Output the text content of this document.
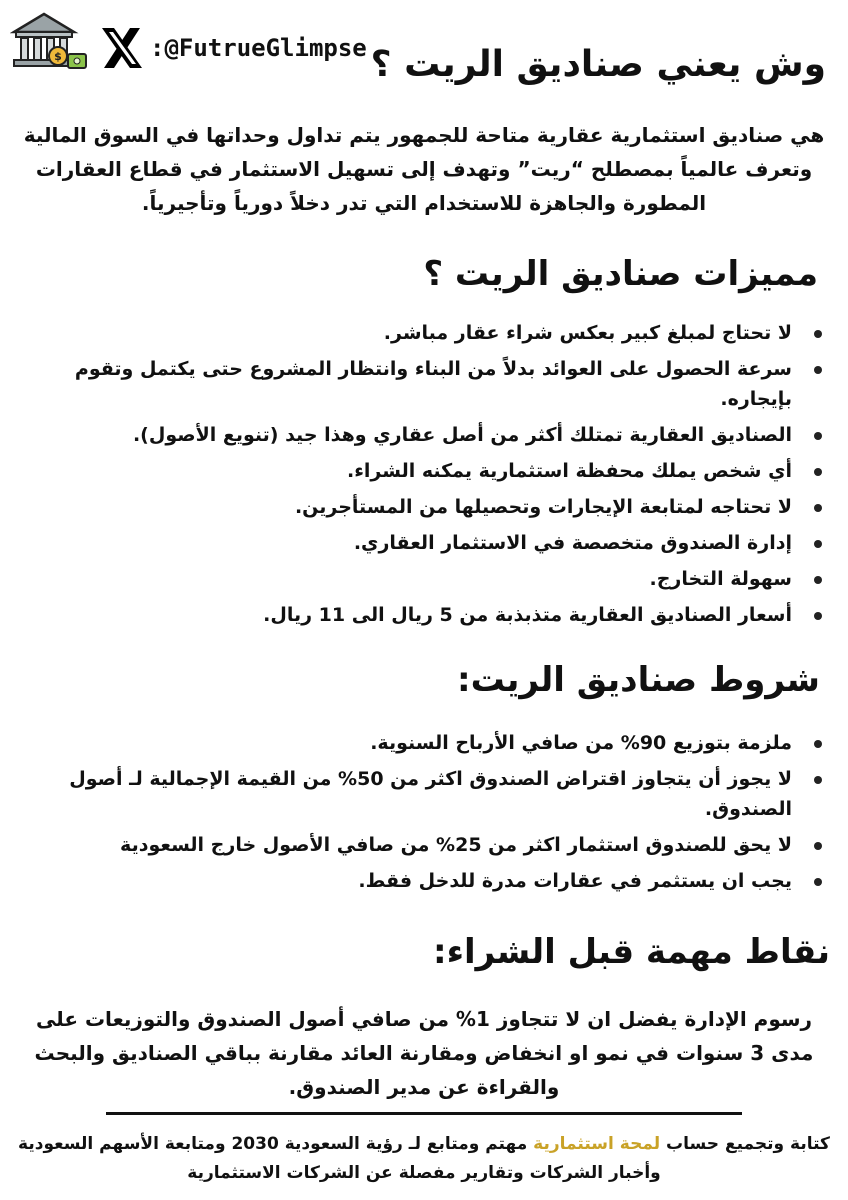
$	:@FutrueGlimpse وش يعني صناديق الريت ؟

هي صناديق استثمارية عقارية متاحة للجمهور يتم تداول وحداتها في السوق المالية وتعرف عالمياً بمصطلح “ريت” وتهدف إلى تسهيل الاستثمار في قطاع العقارات المطورة والجاهزة للاستخدام التي تدر دخلاً دورياً وتأجيرياً.

مميزات صناديق الريت ؟
لا تحتاج لمبلغ كبير بعكس شراء عقار مباشر.
سرعة الحصول على العوائد بدلاً من البناء وانتظار المشروع حتى يكتمل وتقوم بإيجاره.
الصناديق العقارية تمتلك أكثر من أصل عقاري وهذا جيد (تنويع الأصول).
أي شخص يملك محفظة استثمارية يمكنه الشراء.
لا تحتاجه لمتابعة الإيجارات وتحصيلها من المستأجرين.
إدارة الصندوق متخصصة في الاستثمار العقاري.
سهولة التخارج.
أسعار الصناديق العقارية متذبذبة من 5 ريال الى 11 ريال.
شروط صناديق الريت:
ملزمة بتوزيع 90% من صافي الأرباح السنوية.
لا يجوز أن يتجاوز اقتراض الصندوق اكثر من 50% من القيمة الإجمالية لـ أصول الصندوق.
لا يحق للصندوق استثمار اكثر من 25% من صافي الأصول خارج السعودية
يجب ان يستثمر في عقارات مدرة للدخل فقط.
نقاط مهمة قبل الشراء:

رسوم الإدارة يفضل ان لا تتجاوز 1% من صافي أصول الصندوق والتوزيعات على مدى 3 سنوات في نمو او انخفاض ومقارنة العائد مقارنة بباقي الصناديق والبحث والقراءة عن مدير الصندوق.

كتابة وتجميع حساب لمحة استثمارية مهتم ومتابع لـ رؤية السعودية 2030 ومتابعة الأسهم السعودية وأخبار الشركات وتقارير مفصلة عن الشركات الاستثمارية
